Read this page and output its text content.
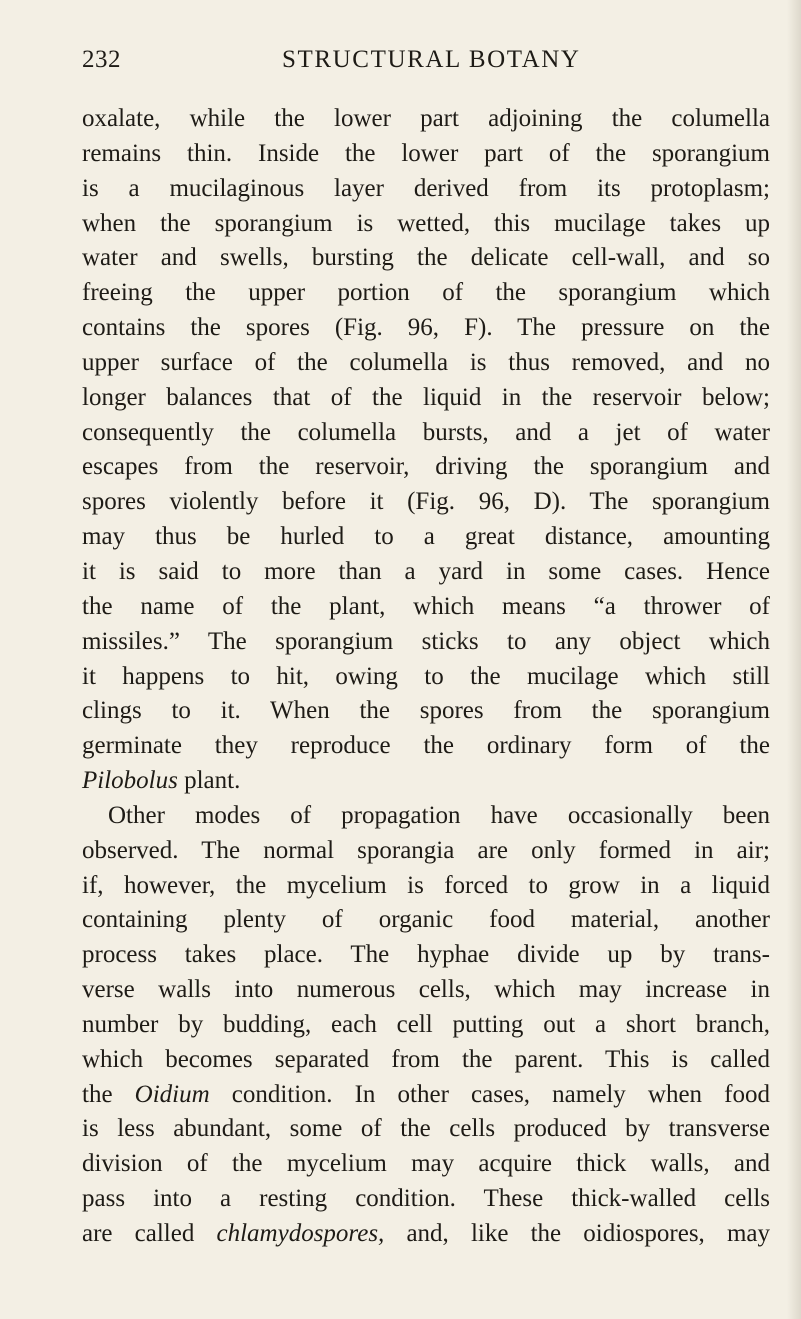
232	STRUCTURAL BOTANY
oxalate, while the lower part adjoining the columella
remains thin. Inside the lower part of the sporangium
is a mucilaginous layer derived from its protoplasm;
when the sporangium is wetted, this mucilage takes up
water and swells, bursting the delicate cell-wall, and so
freeing the upper portion of the sporangium which
contains the spores (Fig. 96, F). The pressure on the
upper surface of the columella is thus removed, and no
longer balances that of the liquid in the reservoir below;
consequently the columella bursts, and a jet of water
escapes from the reservoir, driving the sporangium and
spores violently before it (Fig. 96, D). The sporangium
may thus be hurled to a great distance, amounting
it is said to more than a yard in some cases. Hence
the name of the plant, which means “a thrower of
missiles.” The sporangium sticks to any object which
it happens to hit, owing to the mucilage which still
clings to it. When the spores from the sporangium
germinate they reproduce the ordinary form of the
Pilobolus plant.
Other modes of propagation have occasionally been
observed. The normal sporangia are only formed in air;
if, however, the mycelium is forced to grow in a liquid
containing plenty of organic food material, another
process takes place. The hyphae divide up by trans-
verse walls into numerous cells, which may increase in
number by budding, each cell putting out a short branch,
which becomes separated from the parent. This is called
the Oidium condition. In other cases, namely when food
is less abundant, some of the cells produced by transverse
division of the mycelium may acquire thick walls, and
pass into a resting condition. These thick-walled cells
are called chlamydospores, and, like the oidiospores, may
